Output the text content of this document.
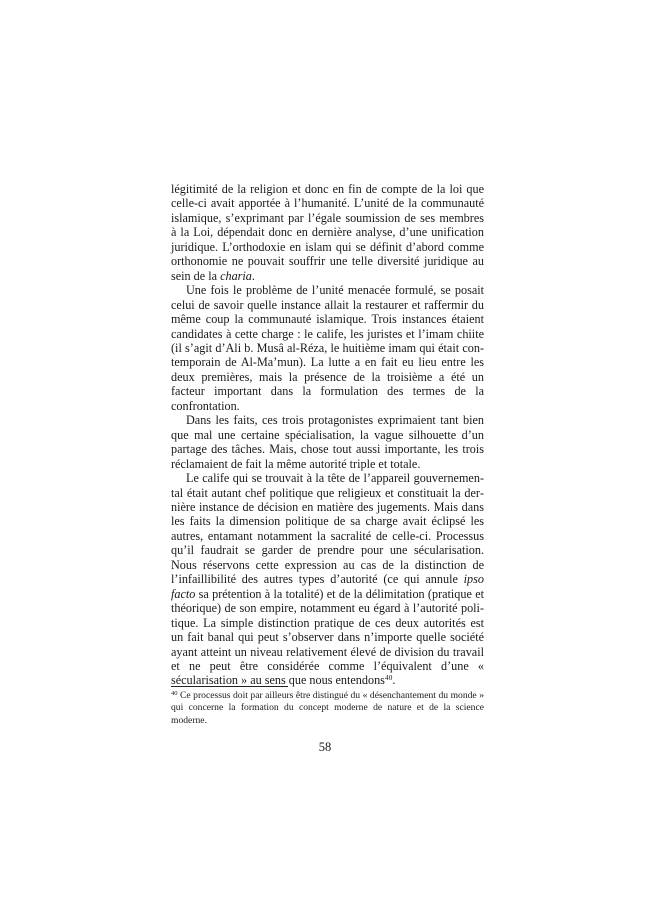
légitimité de la religion et donc en fin de compte de la loi que celle-ci avait apportée à l’humanité. L’unité de la communauté islamique, s’exprimant par l’égale soumission de ses membres à la Loi, dépendait donc en dernière analyse, d’une unification juridique. L’orthodoxie en islam qui se définit d’abord comme orthonomie ne pouvait souffrir une telle diversité juridique au sein de la charia.

Une fois le problème de l’unité menacée formulé, se posait celui de savoir quelle instance allait la restaurer et raffermir du même coup la communauté islamique. Trois instances étaient candidates à cette charge : le calife, les juristes et l’imam chiite (il s’agit d’Ali b. Musâ al-Réza, le huitième imam qui était contemporain de Al-Ma’mun). La lutte a en fait eu lieu entre les deux premières, mais la présence de la troisième a été un facteur important dans la formulation des termes de la confrontation.

Dans les faits, ces trois protagonistes exprimaient tant bien que mal une certaine spécialisation, la vague silhouette d’un partage des tâches. Mais, chose tout aussi importante, les trois réclamaient de fait la même autorité triple et totale.

Le calife qui se trouvait à la tête de l’appareil gouvernemental était autant chef politique que religieux et constituait la dernière instance de décision en matière des jugements. Mais dans les faits la dimension politique de sa charge avait éclipsé les autres, entamant notamment la sacralité de celle-ci. Processus qu’il faudrait se garder de prendre pour une sécularisation. Nous réservons cette expression au cas de la distinction de l’infaillibilité des autres types d’autorité (ce qui annule ipso facto sa prétention à la totalité) et de la délimitation (pratique et théorique) de son empire, notamment eu égard à l’autorité politique. La simple distinction pratique de ces deux autorités est un fait banal qui peut s’observer dans n’importe quelle société ayant atteint un niveau relativement élevé de division du travail et ne peut être considérée comme l’équivalent d’une « sécularisation » au sens que nous entendons$^{40}$.

$^{40}$ Ce processus doit par ailleurs être distingué du « désenchantement du monde » qui concerne la formation du concept moderne de nature et de la science moderne.

58
